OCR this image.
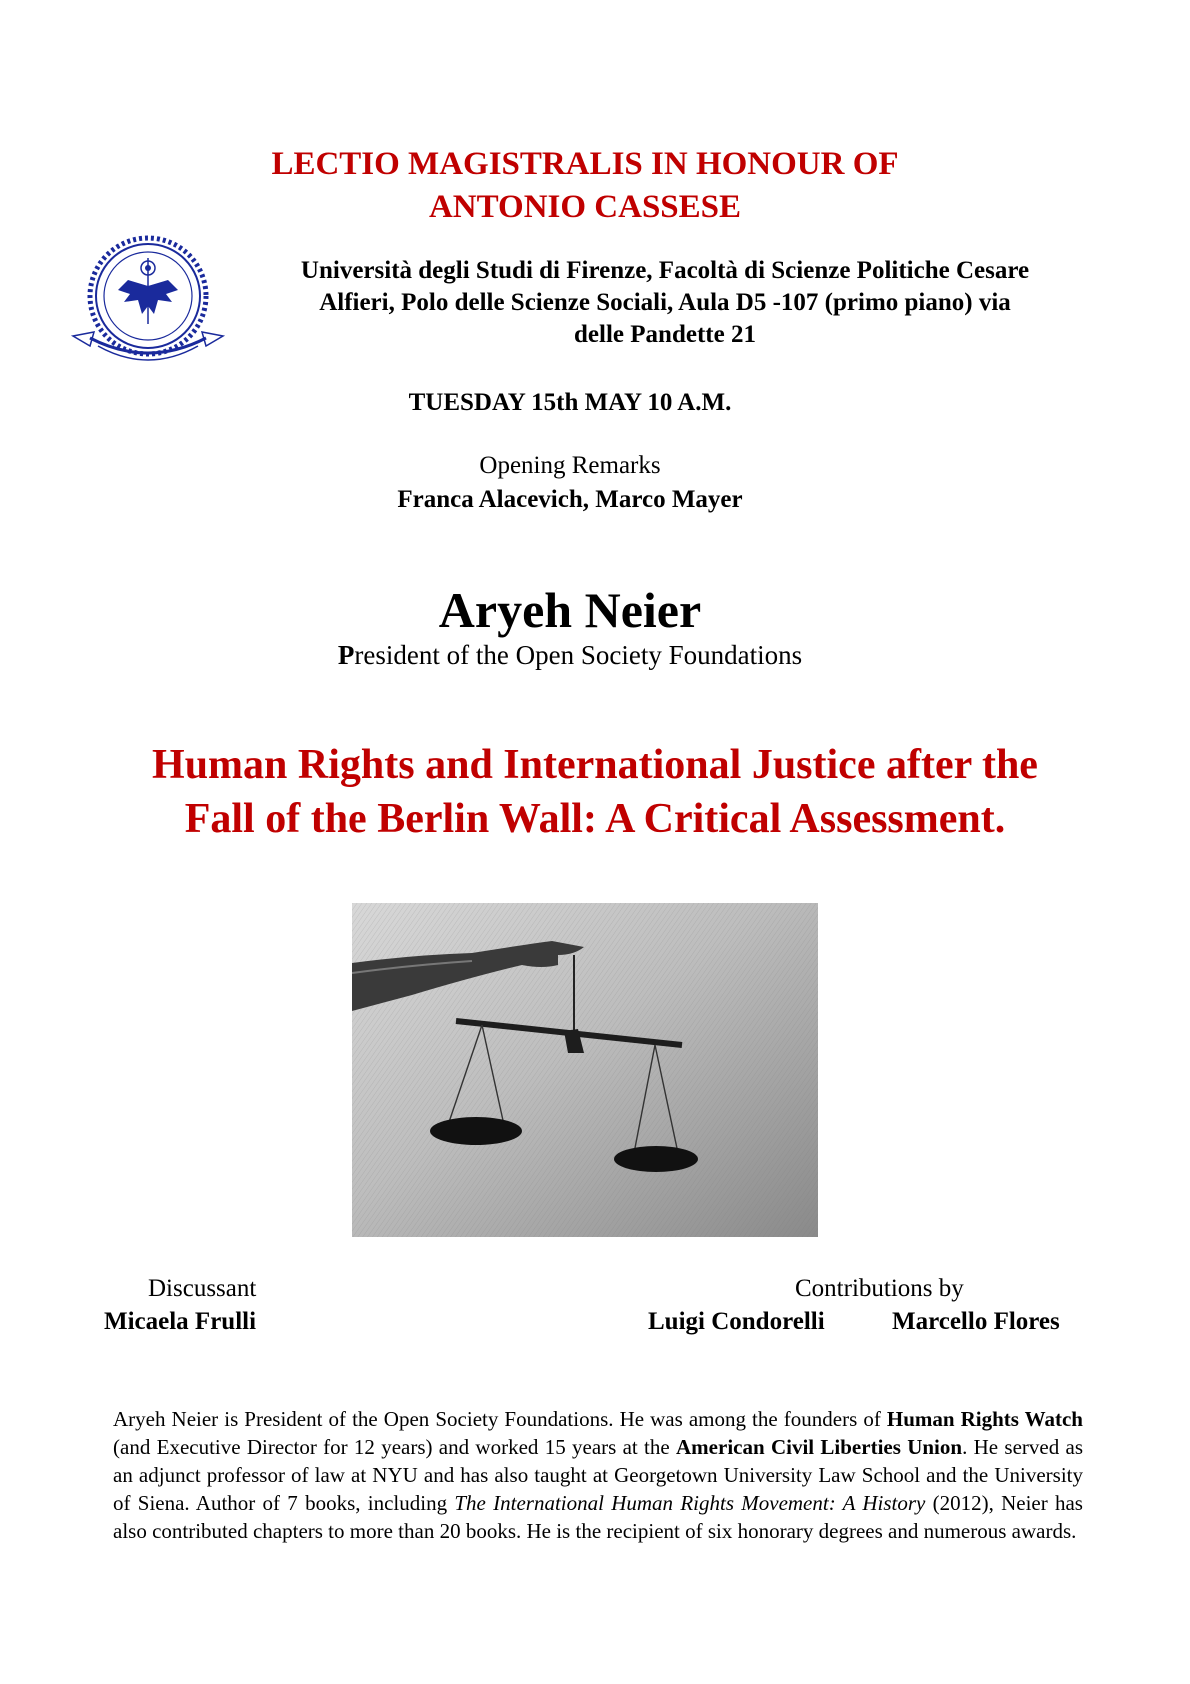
LECTIO MAGISTRALIS IN HONOUR OF
ANTONIO CASSESE
Università degli Studi di Firenze, Facoltà di Scienze Politiche Cesare
Alfieri, Polo delle Scienze Sociali, Aula D5 -107 (primo piano) via
delle Pandette 21
TUESDAY 15th MAY 10 A.M.
Opening Remarks
Franca Alacevich, Marco Mayer
Aryeh Neier
President of the Open Society Foundations
Human Rights and International Justice after the
Fall of the Berlin Wall: A Critical Assessment.
Discussant
Micaela Frulli
Contributions by
Luigi Condorelli	Marcello Flores
Aryeh Neier is President of the Open Society Foundations. He was among the founders of Human Rights Watch (and Executive Director for 12 years) and worked 15 years at the American Civil Liberties Union. He served as an adjunct professor of law at NYU and has also taught at Georgetown University Law School and the University of Siena. Author of 7 books, including The International Human Rights Movement: A History (2012), Neier has also contributed chapters to more than 20 books. He is the recipient of six honorary degrees and numerous awards.
